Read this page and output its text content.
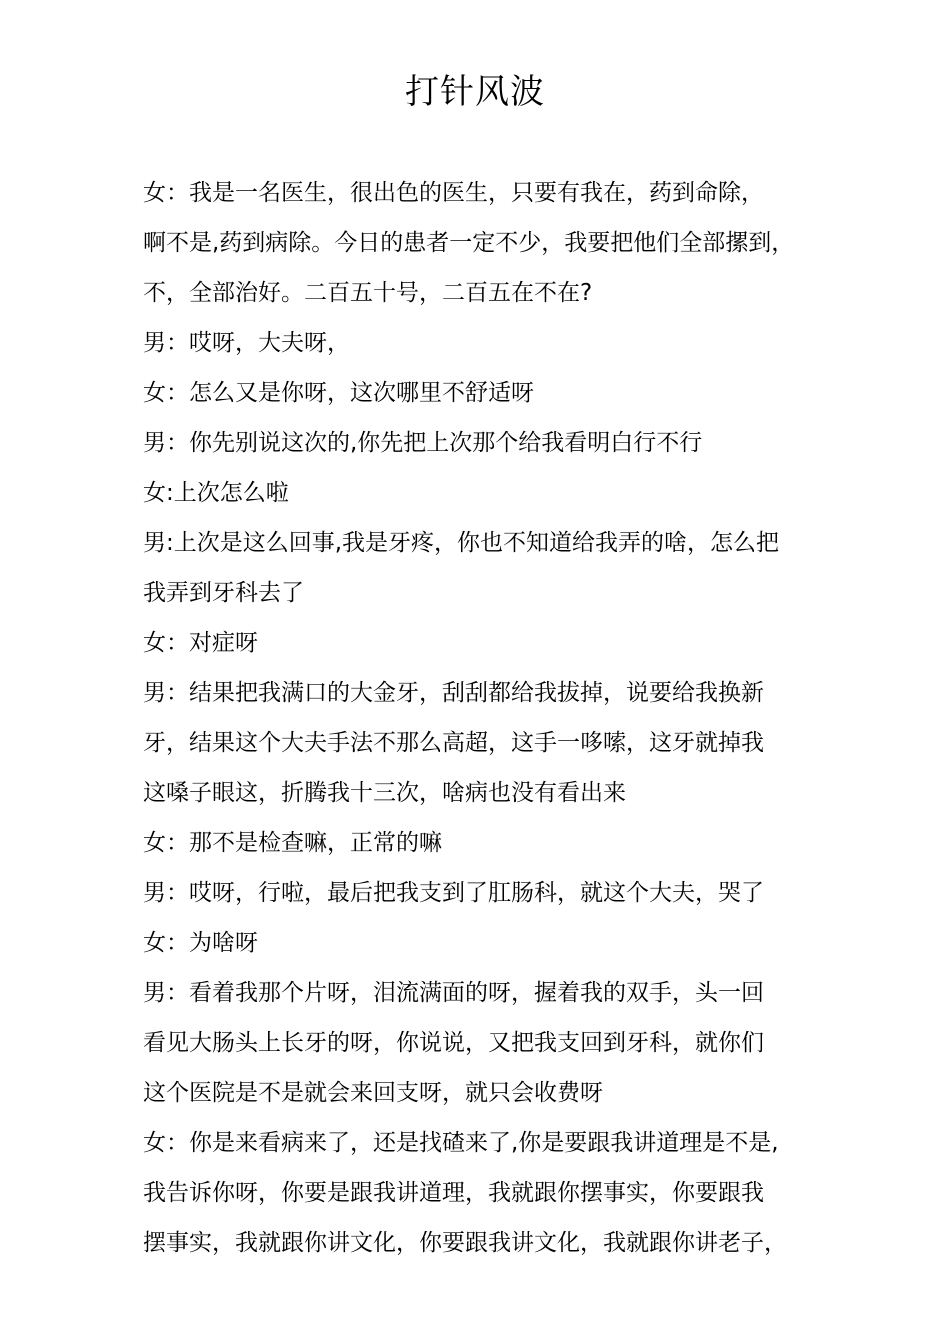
打针风波
女：我是一名医生，很出色的医生，只要有我在，药到命除，
啊不是,药到病除。今日的患者一定不少，我要把他们全部摞到，
不，全部治好。二百五十号，二百五在不在?
男：哎呀，大夫呀，
女：怎么又是你呀，这次哪里不舒适呀
男：你先别说这次的,你先把上次那个给我看明白行不行
女:上次怎么啦
男:上次是这么回事,我是牙疼，你也不知道给我弄的啥，怎么把
我弄到牙科去了
女：对症呀
男：结果把我满口的大金牙，刮刮都给我拔掉，说要给我换新
牙，结果这个大夫手法不那么高超，这手一哆嗦，这牙就掉我
这嗓子眼这，折腾我十三次，啥病也没有看出来
女：那不是检查嘛，正常的嘛
男：哎呀，行啦，最后把我支到了肛肠科，就这个大夫，哭了
女：为啥呀
男：看着我那个片呀，泪流满面的呀，握着我的双手，头一回
看见大肠头上长牙的呀，你说说，又把我支回到牙科，就你们
这个医院是不是就会来回支呀，就只会收费呀
女：你是来看病来了，还是找碴来了,你是要跟我讲道理是不是,
我告诉你呀，你要是跟我讲道理，我就跟你摆事实，你要跟我
摆事实，我就跟你讲文化，你要跟我讲文化，我就跟你讲老子，
